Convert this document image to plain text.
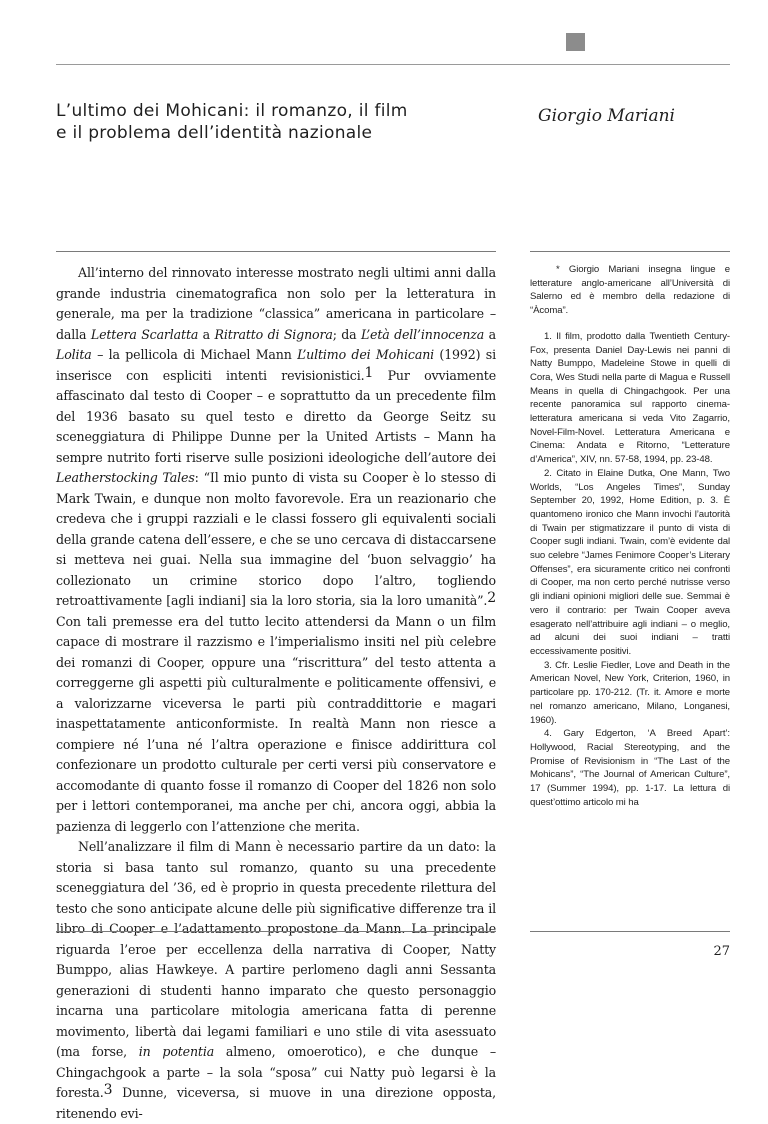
L’ultimo dei Mohicani: il romanzo, il film
e il problema dell’identità nazionale
Giorgio Mariani

All’interno del rinnovato interesse mostrato negli ultimi anni dalla grande industria cinematografica non solo per la letteratura in generale, ma per la tradizione “classica” americana in particolare – dalla Lettera Scarlatta a Ritratto di Signora; da L’età dell’innocenza a Lolita – la pellicola di Michael Mann L’ultimo dei Mohicani (1992) si inserisce con espliciti intenti revisionistici.$^1$ Pur ovviamente affascinato dal testo di Cooper – e soprattutto da un precedente film del 1936 basato su quel testo e diretto da George Seitz su sceneggiatura di Philippe Dunne per la United Artists – Mann ha sempre nutrito forti riserve sulle posizioni ideologiche dell’autore dei Leatherstocking Tales: “Il mio punto di vista su Cooper è lo stesso di Mark Twain, e dunque non molto favorevole. Era un reazionario che credeva che i gruppi razziali e le classi fossero gli equivalenti sociali della grande catena dell’essere, e che se uno cercava di distaccarsene si metteva nei guai. Nella sua immagine del ‘buon selvaggio’ ha collezionato un crimine storico dopo l’altro, togliendo retroattivamente [agli indiani] sia la loro storia, sia la loro umanità”.$^2$ Con tali premesse era del tutto lecito attendersi da Mann o un film capace di mostrare il razzismo e l’imperialismo insiti nel più celebre dei romanzi di Cooper, oppure una “riscrittura” del testo attenta a correggerne gli aspetti più culturalmente e politicamente offensivi, e a valorizzarne viceversa le parti più contraddittorie e magari inaspettatamente anticonformiste. In realtà Mann non riesce a compiere né l’una né l’altra operazione e finisce addirittura col confezionare un prodotto culturale per certi versi più conservatore e accomodante di quanto fosse il romanzo di Cooper del 1826 non solo per i lettori contemporanei, ma anche per chi, ancora oggi, abbia la pazienza di leggerlo con l’attenzione che merita.

Nell’analizzare il film di Mann è necessario partire da un dato: la storia si basa tanto sul romanzo, quanto su una precedente sceneggiatura del ’36, ed è proprio in questa precedente rilettura del testo che sono anticipate alcune delle più significative differenze tra il libro di Cooper e l’adattamento propostone da Mann. La principale riguarda l’eroe per eccellenza della narrativa di Cooper, Natty Bumppo, alias Hawkeye. A partire perlomeno dagli anni Sessanta generazioni di studenti hanno imparato che questo personaggio incarna una particolare mitologia americana fatta di perenne movimento, libertà dai legami familiari e uno stile di vita asessuato (ma forse, in potentia almeno, omoerotico), e che dunque – Chingachgook a parte – la sola “sposa” cui Natty può legarsi è la foresta.$^3$ Dunne, viceversa, si muove in una direzione opposta, ritenendo evi-

* Giorgio Mariani insegna lingue e letterature anglo-americane all’Università di Salerno ed è membro della redazione di “Àcoma”.

1. Il film, prodotto dalla Twentieth Century-Fox, presenta Daniel Day-Lewis nei panni di Natty Bumppo, Madeleine Stowe in quelli di Cora, Wes Studi nella parte di Magua e Russell Means in quella di Chingachgook. Per una recente panoramica sul rapporto cinema-letteratura americana si veda Vito Zagarrio, Novel-Film-Novel. Letteratura Americana e Cinema: Andata e Ritorno, “Letterature d’America”, XIV, nn. 57-58, 1994, pp. 23-48.

2. Citato in Elaine Dutka, One Mann, Two Worlds, “Los Angeles Times”, Sunday September 20, 1992, Home Edition, p. 3. È quantomeno ironico che Mann invochi l’autorità di Twain per stigmatizzare il punto di vista di Cooper sugli indiani. Twain, com’è evidente dal suo celebre “James Fenimore Cooper’s Literary Offenses”, era sicuramente critico nei confronti di Cooper, ma non certo perché nutrisse verso gli indiani opinioni migliori delle sue. Semmai è vero il contrario: per Twain Cooper aveva esagerato nell’attribuire agli indiani – o meglio, ad alcuni dei suoi indiani – tratti eccessivamente positivi.

3. Cfr. Leslie Fiedler, Love and Death in the American Novel, New York, Criterion, 1960, in particolare pp. 170-212. (Tr. it. Amore e morte nel romanzo americano, Milano, Longanesi, 1960).

4. Gary Edgerton, ‘A Breed Apart’: Hollywood, Racial Stereotyping, and the Promise of Revisionism in “The Last of the Mohicans”, “The Journal of American Culture”, 17 (Summer 1994), pp. 1-17. La lettura di quest’ottimo articolo mi ha

27
